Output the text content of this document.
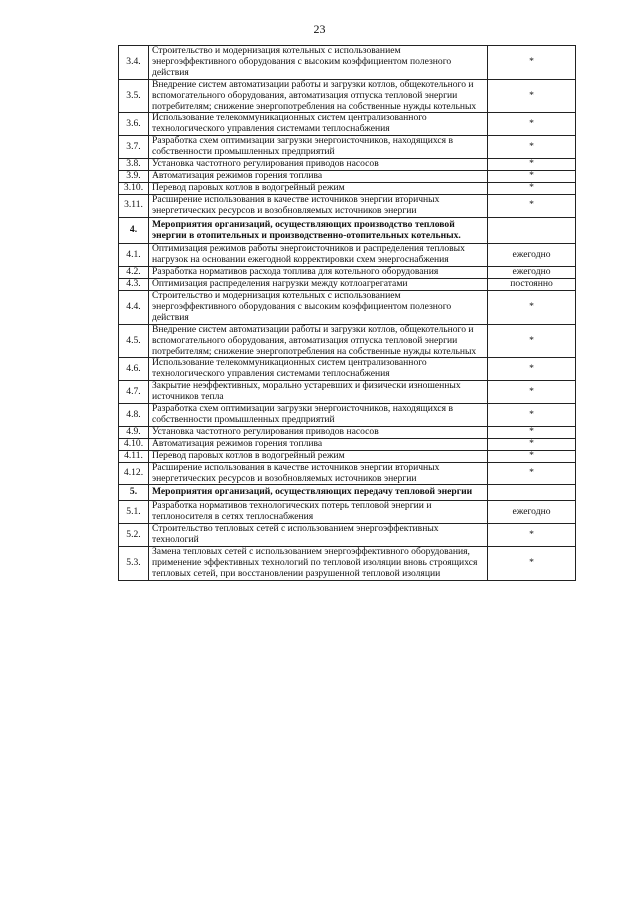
23
3.4.	Строительство и модернизация котельных с использованием энергоэффективного оборудования с высоким коэффициентом полезного действия	*
3.5.	Внедрение систем автоматизации работы и загрузки котлов, общекотельного и вспомогательного оборудования, автоматизация отпуска тепловой энергии потребителям; снижение энергопотребления на собственные нужды котельных	*
3.6.	Использование телекоммуникационных систем централизованного технологического управления системами теплоснабжения	*
3.7.	Разработка схем оптимизации загрузки энергоисточников, находящихся в собственности промышленных предприятий	*
3.8.	Установка частотного регулирования приводов насосов	*
3.9.	Автоматизация режимов горения топлива	*
3.10.	Перевод паровых котлов в водогрейный режим	*
3.11.	Расширение использования в качестве источников энергии вторичных энергетических ресурсов и возобновляемых источников энергии	*
4.	Мероприятия организаций, осуществляющих производство тепловой энергии в отопительных и производственно-отопительных котельных.	
4.1.	Оптимизация режимов работы энергоисточников и распределения тепловых нагрузок на основании ежегодной корректировки схем энергоснабжения	ежегодно
4.2.	Разработка нормативов расхода топлива для котельного оборудования	ежегодно
4.3.	Оптимизация распределения нагрузки между котлоагрегатами	постоянно
4.4.	Строительство и модернизация котельных с использованием энергоэффективного оборудования с высоким коэффициентом полезного действия	*
4.5.	Внедрение систем автоматизации работы и загрузки котлов, общекотельного и вспомогательного оборудования, автоматизация отпуска тепловой энергии потребителям; снижение энергопотребления на собственные нужды котельных	*
4.6.	Использование телекоммуникационных систем централизованного технологического управления системами теплоснабжения	*
4.7.	Закрытие неэффективных, морально устаревших и физически изношенных источников тепла	*
4.8.	Разработка схем оптимизации загрузки энергоисточников, находящихся в собственности промышленных предприятий	*
4.9.	Установка частотного регулирования приводов насосов	*
4.10.	Автоматизация режимов горения топлива	*
4.11.	Перевод паровых котлов в водогрейный режим	*
4.12.	Расширение использования в качестве источников энергии вторичных энергетических ресурсов и возобновляемых источников энергии	*
5.	Мероприятия организаций, осуществляющих передачу тепловой энергии	
5.1.	Разработка нормативов технологических потерь тепловой энергии и теплоносителя в сетях теплоснабжения	ежегодно
5.2.	Строительство тепловых сетей с использованием энергоэффективных технологий	*
5.3.	Замена тепловых сетей с использованием энергоэффективного оборудования, применение эффективных технологий по тепловой изоляции вновь строящихся тепловых сетей, при восстановлении разрушенной тепловой изоляции	*
